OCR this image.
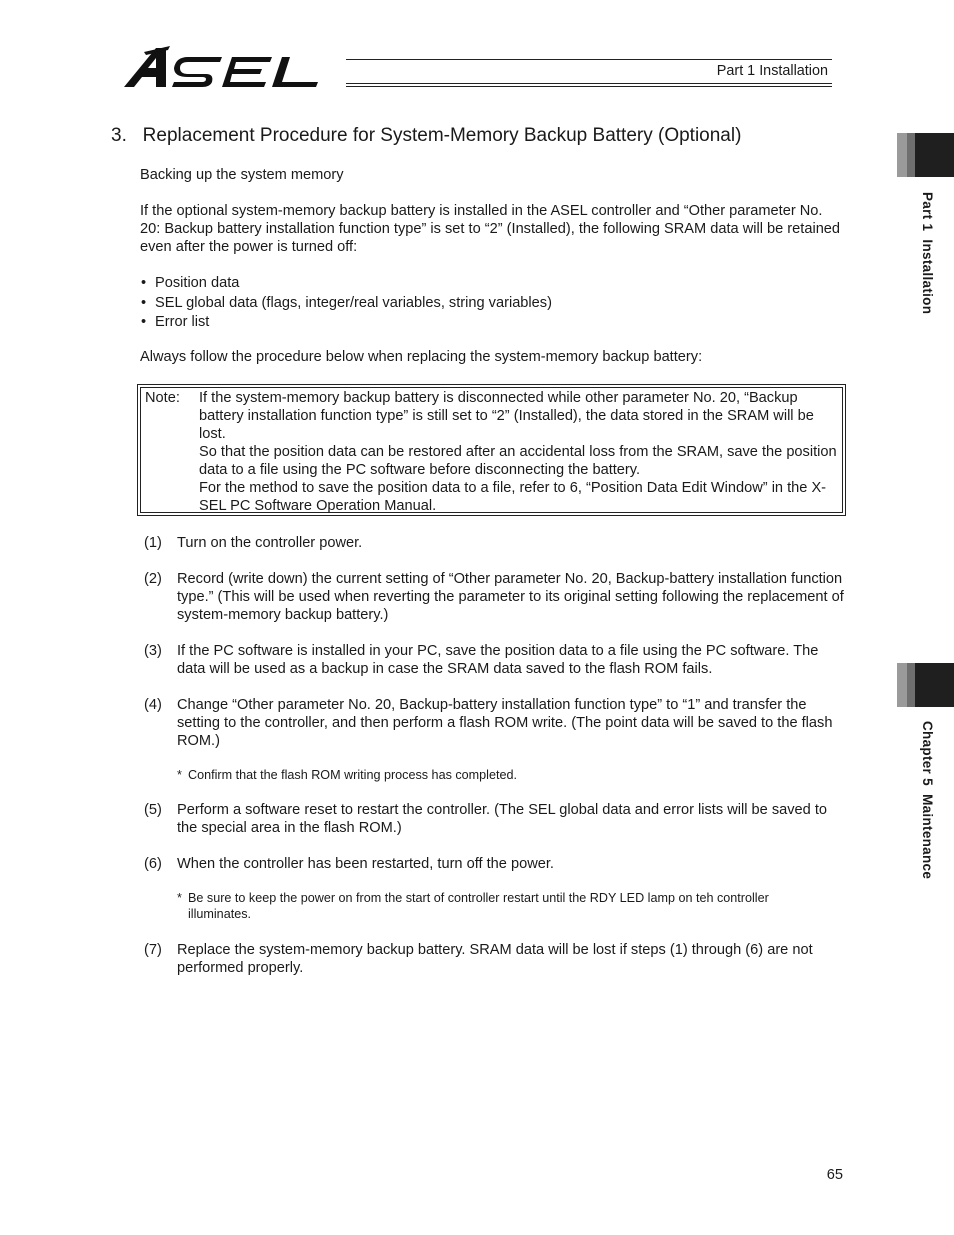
Part 1 Installation
Part 1  Installation
Chapter 5  Maintenance
3.   Replacement Procedure for System-Memory Backup Battery (Optional)
Backing up the system memory
If the optional system-memory backup battery is installed in the ASEL controller and “Other parameter No. 20: Backup battery installation function type” is set to “2” (Installed), the following SRAM data will be retained even after the power is turned off:
• Position data
• SEL global data (flags, integer/real variables, string variables)
• Error list
Always follow the procedure below when replacing the system-memory backup battery:
Note: If the system-memory backup battery is disconnected while other parameter No. 20, “Backup battery installation function type” is still set to “2” (Installed), the data stored in the SRAM will be lost.
So that the position data can be restored after an accidental loss from the SRAM, save the position data to a file using the PC software before disconnecting the battery.
For the method to save the position data to a file, refer to 6, “Position Data Edit Window” in the X-SEL PC Software Operation Manual.
(1) Turn on the controller power.
(2) Record (write down) the current setting of “Other parameter No. 20, Backup-battery installation function type.” (This will be used when reverting the parameter to its original setting following the replacement of system-memory backup battery.)
(3) If the PC software is installed in your PC, save the position data to a file using the PC software. The data will be used as a backup in case the SRAM data saved to the flash ROM fails.
(4) Change “Other parameter No. 20, Backup-battery installation function type” to “1” and transfer the setting to the controller, and then perform a flash ROM write. (The point data will be saved to the flash ROM.)
* Confirm that the flash ROM writing process has completed.
(5) Perform a software reset to restart the controller. (The SEL global data and error lists will be saved to the special area in the flash ROM.)
(6) When the controller has been restarted, turn off the power.
* Be sure to keep the power on from the start of controller restart until the RDY LED lamp on teh controller
illuminates.
(7) Replace the system-memory backup battery. SRAM data will be lost if steps (1) through (6) are not performed properly.
65
